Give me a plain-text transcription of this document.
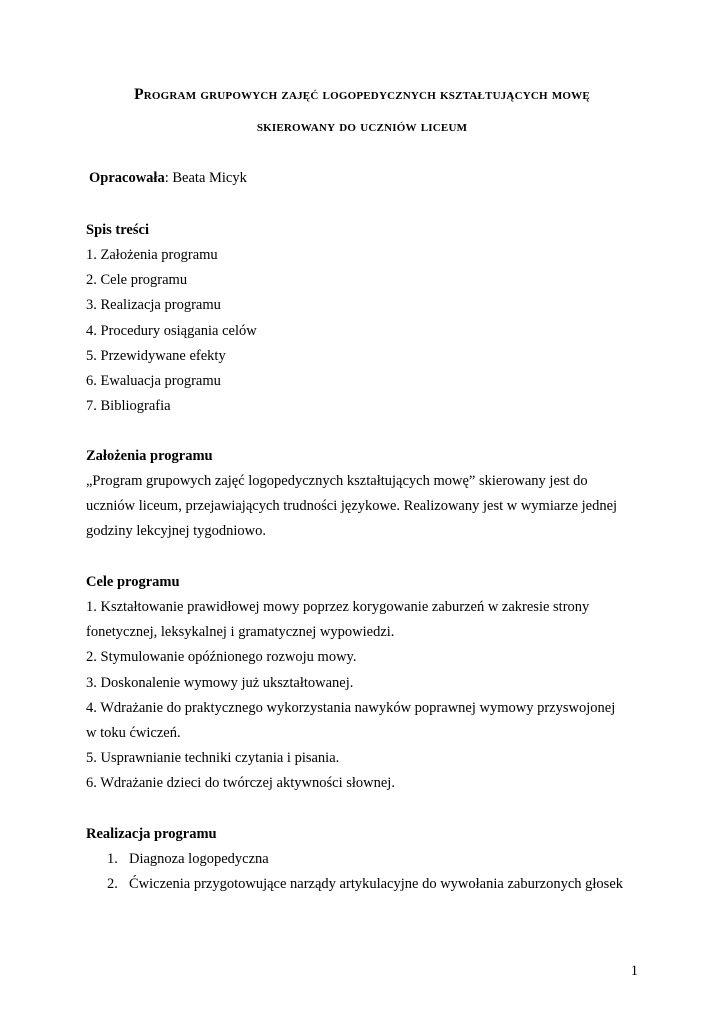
Program grupowych zajęć logopedycznych kształtujących mowę
skierowany do uczniów liceum
Opracowała: Beata Micyk
Spis treści
1. Założenia programu
2. Cele programu
3. Realizacja programu
4. Procedury osiągania celów
5. Przewidywane efekty
6. Ewaluacja programu
7. Bibliografia
Założenia programu
„Program grupowych zajęć logopedycznych kształtujących mowę” skierowany jest do
uczniów liceum, przejawiających trudności językowe. Realizowany jest w wymiarze jednej
godziny lekcyjnej tygodniowo.
Cele programu
1. Kształtowanie prawidłowej mowy poprzez korygowanie zaburzeń w zakresie strony
fonetycznej, leksykalnej i gramatycznej wypowiedzi.
2. Stymulowanie opóźnionego rozwoju mowy.
3. Doskonalenie wymowy już ukształtowanej.
4. Wdrażanie do praktycznego wykorzystania nawyków poprawnej wymowy przyswojonej
w toku ćwiczeń.
5. Usprawnianie techniki czytania i pisania.
6. Wdrażanie dzieci do twórczej aktywności słownej.
Realizacja programu
1. Diagnoza logopedyczna
2. Ćwiczenia przygotowujące narządy artykulacyjne do wywołania zaburzonych głosek
1
